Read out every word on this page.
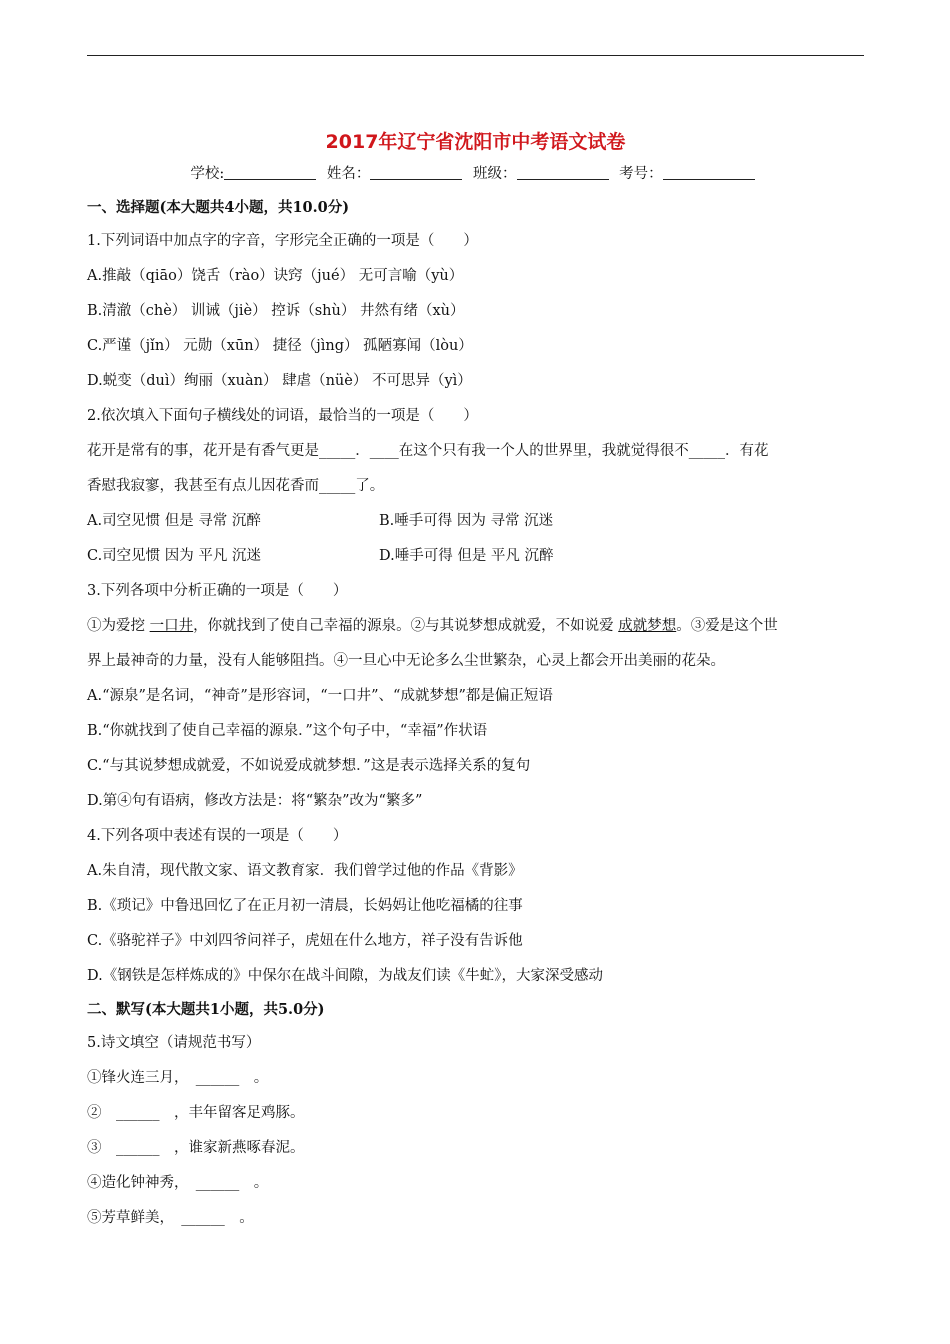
2017年辽宁省沈阳市中考语文试卷
学校:	姓名：	班级：	考号：
一、选择题(本大题共4小题，共10.0分)
1.下列词语中加点字的字音，字形完全正确的一项是（　　）
A.推敲（qiāo）饶舌（rào）诀窍（jué） 无可言喻（yù）
B.清澈（chè） 训诫（jiè） 控诉（shù） 井然有绪（xù）
C.严谨（jǐn） 元勋（xūn） 捷径（jìng） 孤陋寡闻（lòu）
D.蜕变（duì）绚丽（xuàn） 肆虐（nüè） 不可思异（yì）
2.依次填入下面句子横线处的词语，最恰当的一项是（　　）
花开是常有的事，花开是有香气更是_____．____在这个只有我一个人的世界里，我就觉得很不_____．有花
香慰我寂寥，我甚至有点儿因花香而_____了。
A.司空见惯 但是 寻常 沉醉	B.唾手可得 因为 寻常 沉迷
C.司空见惯 因为 平凡 沉迷	D.唾手可得 但是 平凡 沉醉
3.下列各项中分析正确的一项是（　　）
①为爱挖 一口井，你就找到了使自己幸福的源泉。②与其说梦想成就爱，不如说爱 成就梦想。③爱是这个世
界上最神奇的力量，没有人能够阻挡。④一旦心中无论多么尘世繁杂，心灵上都会开出美丽的花朵。
A.“源泉”是名词，“神奇”是形容词，“一口井”、“成就梦想”都是偏正短语
B.“你就找到了使自己幸福的源泉．”这个句子中，“幸福”作状语
C.“与其说梦想成就爱，不如说爱成就梦想．”这是表示选择关系的复句
D.第④句有语病，修改方法是：将“繁杂”改为“繁多”
4.下列各项中表述有误的一项是（　　）
A.朱自清，现代散文家、语文教育家．我们曾学过他的作品《背影》
B.《琐记》中鲁迅回忆了在正月初一清晨，长妈妈让他吃福橘的往事
C.《骆驼祥子》中刘四爷问祥子，虎妞在什么地方，祥子没有告诉他
D.《钢铁是怎样炼成的》中保尔在战斗间隙，为战友们读《牛虻》，大家深受感动
二、默写(本大题共1小题，共5.0分)
5.诗文填空（请规范书写）
①锋火连三月，　______　。
②　______　，丰年留客足鸡豚。
③　______　，谁家新燕啄春泥。
④造化钟神秀，　______　。
⑤芳草鲜美，　______　。
